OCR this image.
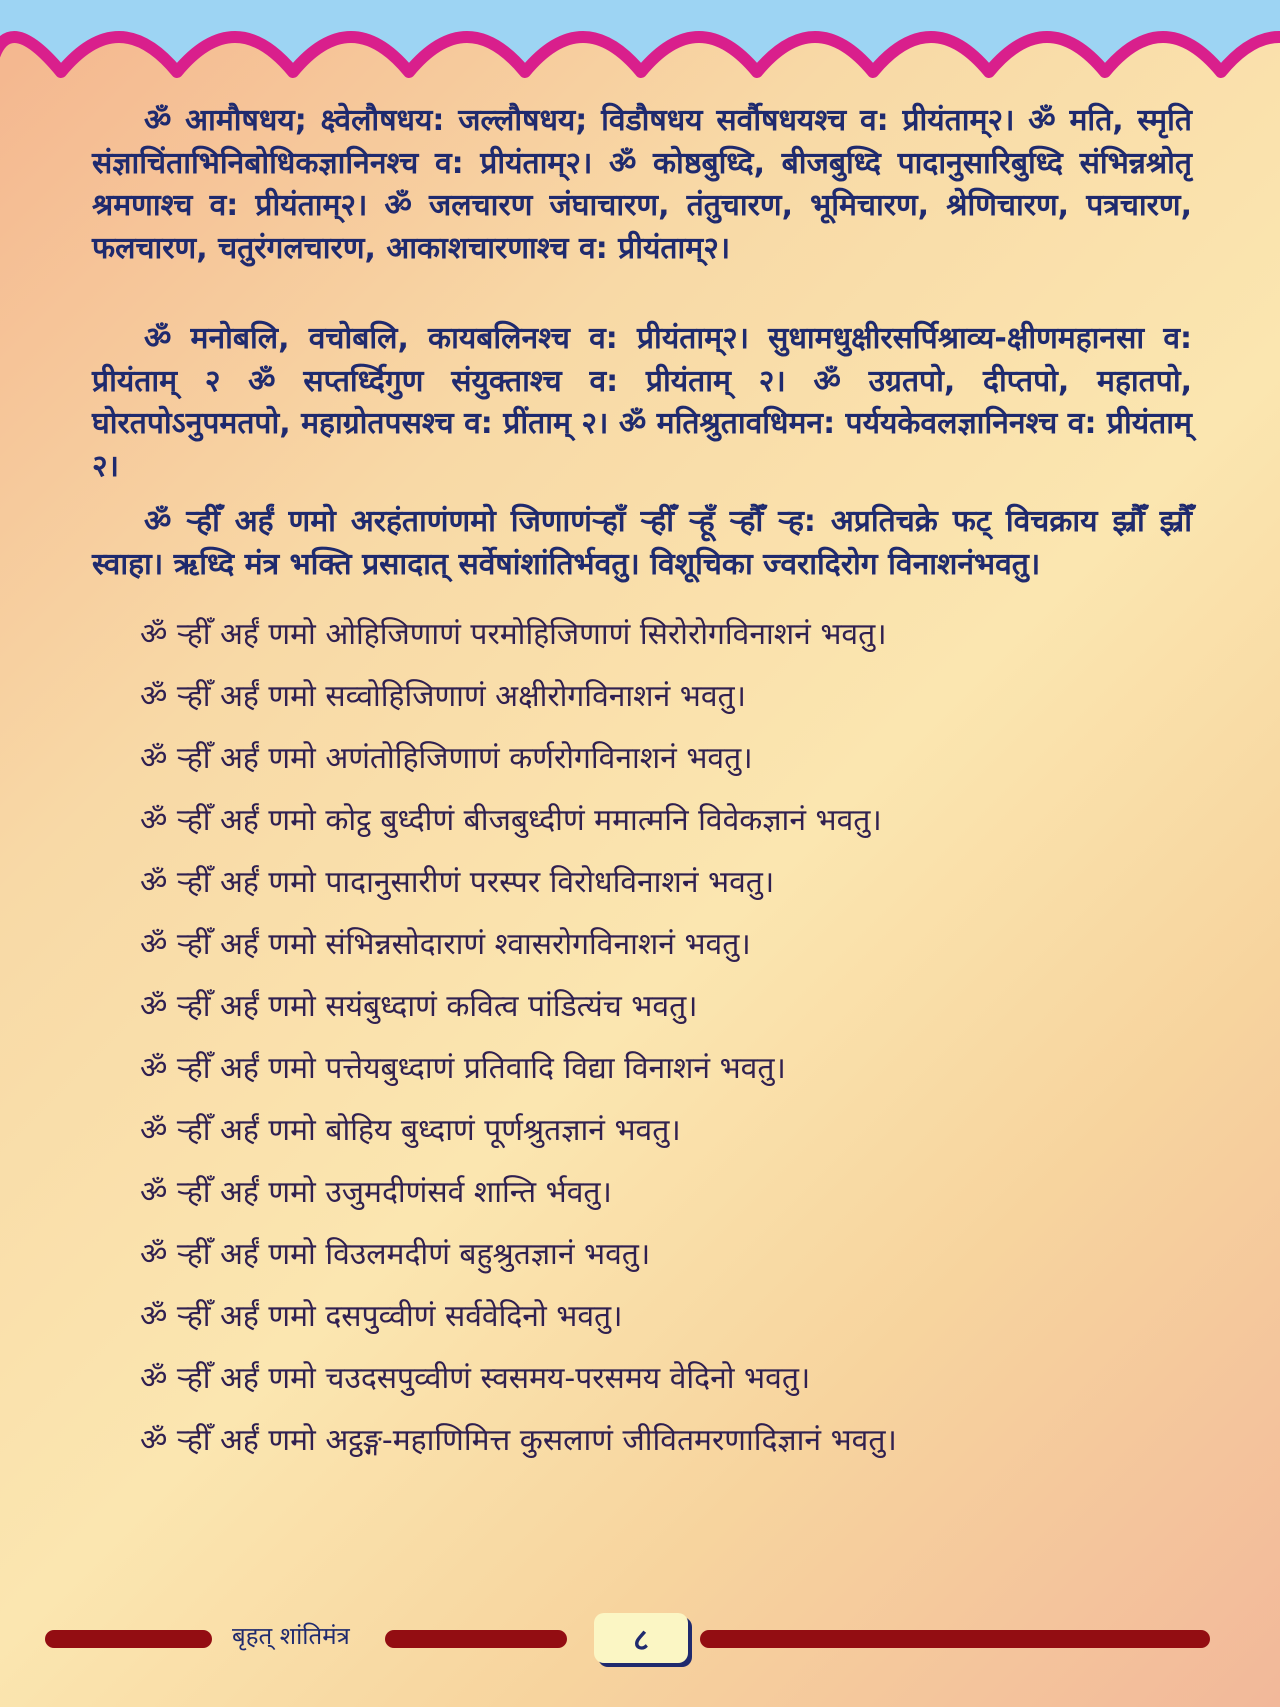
ॐ आमौषधय; क्ष्वेलौषधय: जल्लौषधय; विडौषधय सर्वौषधयश्च व: प्रीयंताम्२। ॐ मति, स्मृति संज्ञाचिंताभिनिबोधिकज्ञानिनश्च व: प्रीयंताम्२। ॐ कोष्ठबुध्दि, बीजबुध्दि पादानुसारिबुध्दि संभिन्नश्रोतृ श्रमणाश्च व: प्रीयंताम्२। ॐ जलचारण जंघाचारण, तंतुचारण, भूमिचारण, श्रेणिचारण, पत्रचारण, फलचारण, चतुरंगलचारण, आकाशचारणाश्च व: प्रीयंताम्२।

ॐ मनोबलि, वचोबलि, कायबलिनश्च व: प्रीयंताम्२। सुधामधुक्षीरसर्पिश्राव्य-क्षीणमहानसा व: प्रीयंताम् २ ॐ सप्तर्ध्दिगुण संयुक्ताश्च व: प्रीयंताम् २। ॐ उग्रतपो, दीप्तपो, महातपो, घोरतपोऽनुपमतपो, महाग्रोतपसश्च व: प्रींताम् २। ॐ मतिश्रुतावधिमन: पर्ययकेवलज्ञानिनश्च व: प्रीयंताम् २।

ॐ ऱ्हीँ अर्हं णमो अरहंताणंणमो जिणाणंऱ्हाँ ऱ्हीँ ऱ्हूँ ऱ्हौँ ऱ्ह: अप्रतिचक्रे फट् विचक्राय झ्रौँ झ्रौँ स्वाहा। ऋध्दि मंत्र भक्ति प्रसादात् सर्वेषांशांतिर्भवतु। विशूचिका ज्वरादिरोग विनाशनंभवतु।

ॐ ऱ्हीँ अर्हं णमो ओहिजिणाणं परमोहिजिणाणं सिरोरोगविनाशनं भवतु।
ॐ ऱ्हीँ अर्हं णमो सव्वोहिजिणाणं अक्षीरोगविनाशनं भवतु।
ॐ ऱ्हीँ अर्हं णमो अणंतोहिजिणाणं कर्णरोगविनाशनं भवतु।
ॐ ऱ्हीँ अर्हं णमो कोट्ठ बुध्दीणं बीजबुध्दीणं ममात्मनि विवेकज्ञानं भवतु।
ॐ ऱ्हीँ अर्हं णमो पादानुसारीणं परस्पर विरोधविनाशनं भवतु।
ॐ ऱ्हीँ अर्हं णमो संभिन्नसोदाराणं श्वासरोगविनाशनं भवतु।
ॐ ऱ्हीँ अर्हं णमो सयंबुध्दाणं कवित्व पांडित्यंच भवतु।
ॐ ऱ्हीँ अर्हं णमो पत्तेयबुध्दाणं प्रतिवादि विद्या विनाशनं भवतु।
ॐ ऱ्हीँ अर्हं णमो बोहिय बुध्दाणं पूर्णश्रुतज्ञानं भवतु।
ॐ ऱ्हीँ अर्हं णमो उजुमदीणंसर्व शान्ति र्भवतु।
ॐ ऱ्हीँ अर्हं णमो विउलमदीणं बहुश्रुतज्ञानं भवतु।
ॐ ऱ्हीँ अर्हं णमो दसपुव्वीणं सर्ववेदिनो भवतु।
ॐ ऱ्हीँ अर्हं णमो चउदसपुव्वीणं स्वसमय-परसमय वेदिनो भवतु।
ॐ ऱ्हीँ अर्हं णमो अट्ठङ्ग-महाणिमित्त कुसलाणं जीवितमरणादिज्ञानं भवतु।
बृहत् शांतिमंत्र	८
